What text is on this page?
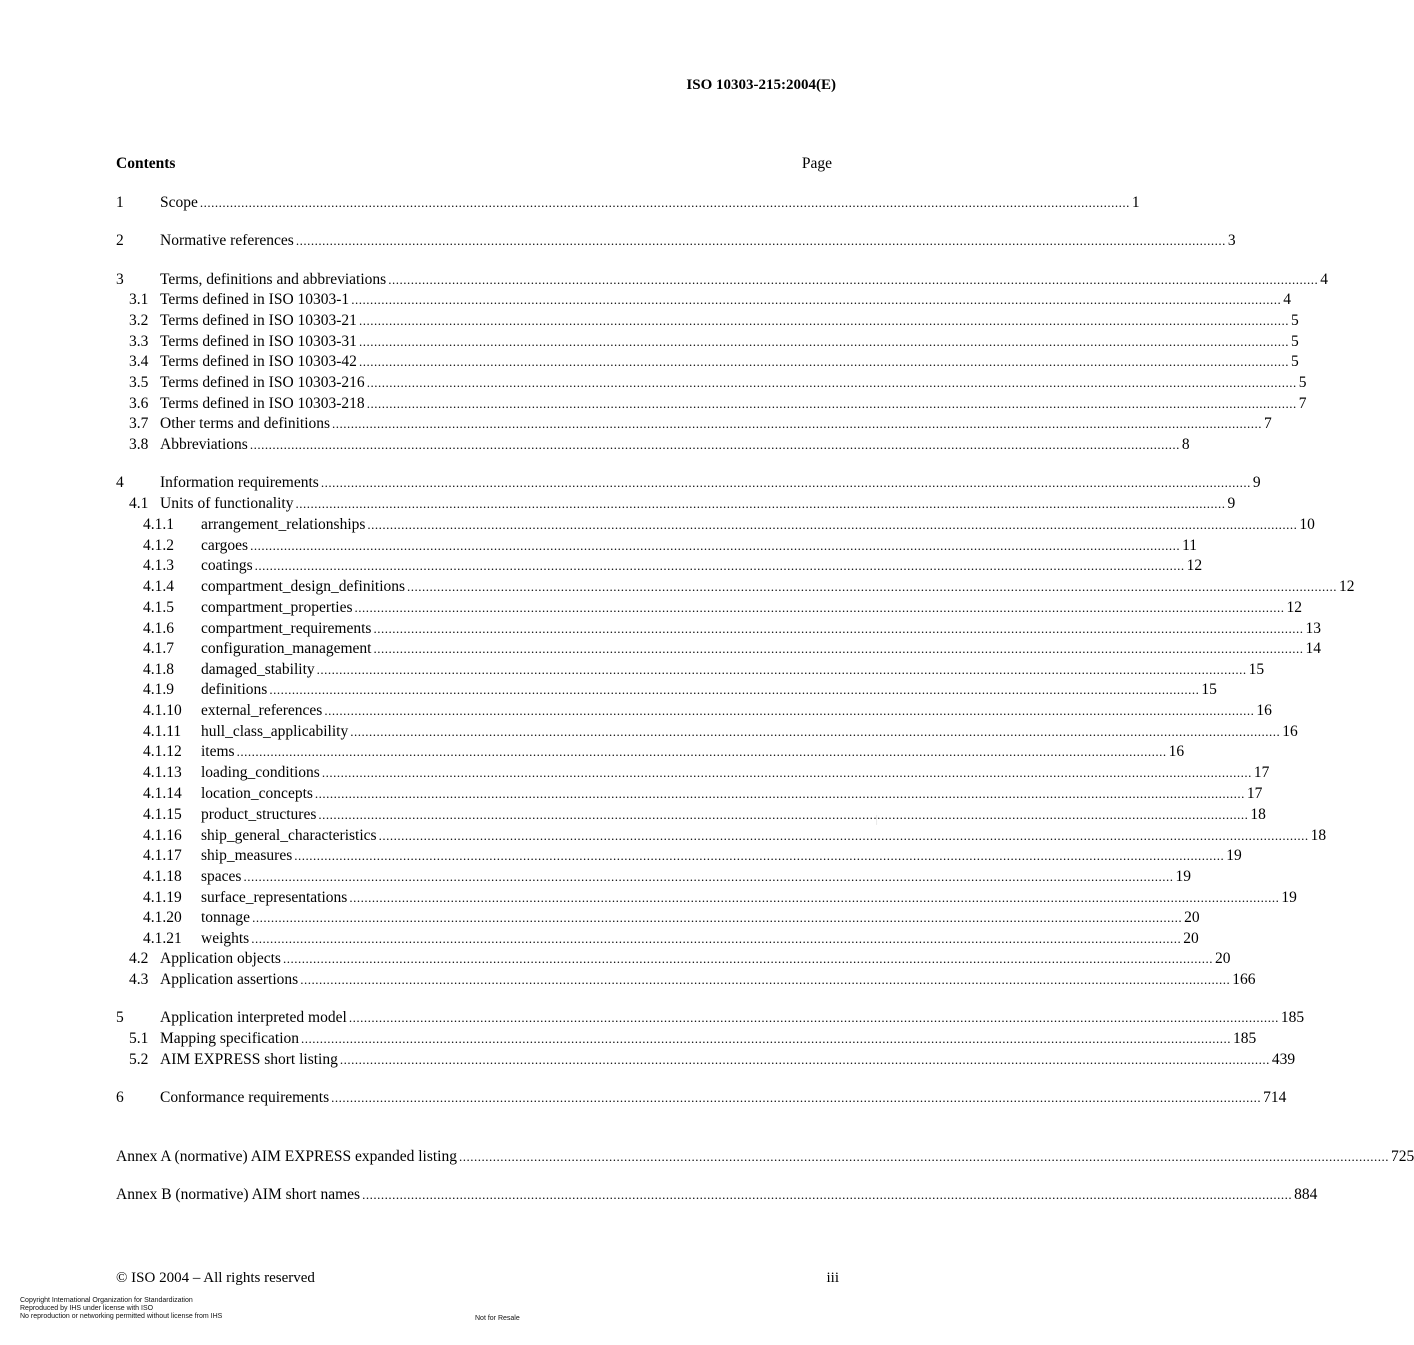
ISO 10303-215:2004(E)
Contents	Page
1 Scope .....	1
2 Normative references .....	3
3 Terms, definitions and abbreviations .....	4
3.1 Terms defined in ISO 10303-1 .....	4
3.2 Terms defined in ISO 10303-21 .....	5
3.3 Terms defined in ISO 10303-31 .....	5
3.4 Terms defined in ISO 10303-42 .....	5
3.5 Terms defined in ISO 10303-216 .....	5
3.6 Terms defined in ISO 10303-218 .....	7
3.7 Other terms and definitions .....	7
3.8 Abbreviations .....	8
4 Information requirements .....	9
4.1 Units of functionality .....	9
4.1.1 arrangement_relationships .....	10
4.1.2 cargoes .....	11
4.1.3 coatings .....	12
4.1.4 compartment_design_definitions .....	12
4.1.5 compartment_properties .....	12
4.1.6 compartment_requirements .....	13
4.1.7 configuration_management .....	14
4.1.8 damaged_stability .....	15
4.1.9 definitions .....	15
4.1.10 external_references .....	16
4.1.11 hull_class_applicability .....	16
4.1.12 items .....	16
4.1.13 loading_conditions .....	17
4.1.14 location_concepts .....	17
4.1.15 product_structures .....	18
4.1.16 ship_general_characteristics .....	18
4.1.17 ship_measures .....	19
4.1.18 spaces .....	19
4.1.19 surface_representations .....	19
4.1.20 tonnage .....	20
4.1.21 weights .....	20
4.2 Application objects .....	20
4.3 Application assertions .....	166
5 Application interpreted model .....	185
5.1 Mapping specification .....	185
5.2 AIM EXPRESS short listing .....	439
6 Conformance requirements .....	714
Annex A (normative) AIM EXPRESS expanded listing .....	725
Annex B (normative) AIM short names .....	884
© ISO 2004 – All rights reserved	iii
Copyright International Organization for Standardization
Reproduced by IHS under license with ISO
No reproduction or networking permitted without license from IHS	Not for Resale
·····
